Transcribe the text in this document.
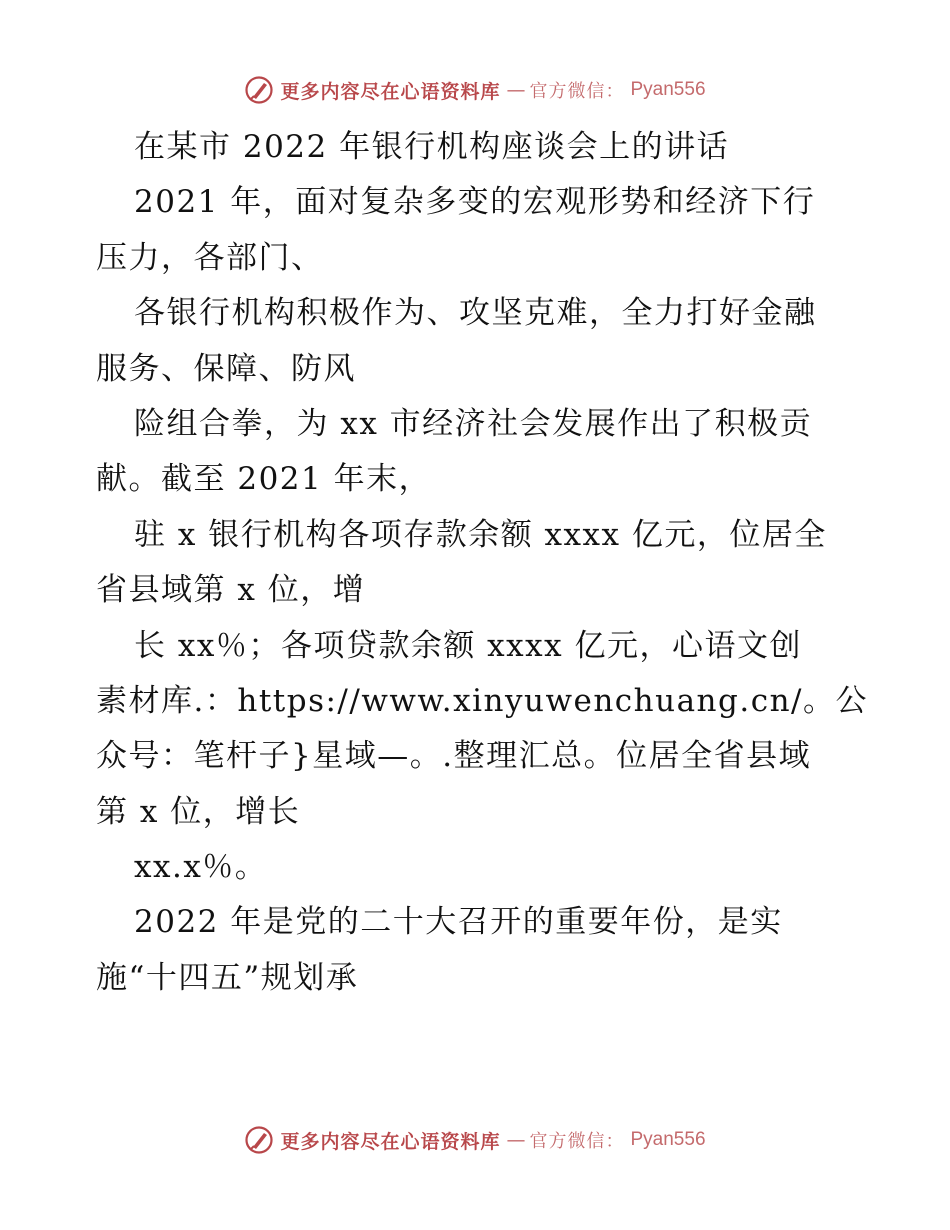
更多内容尽在心语资料库 — 官方微信： Pyan556
在某市 2022 年银行机构座谈会上的讲话
2021 年，面对复杂多变的宏观形势和经济下行
压力，各部门、
各银行机构积极作为、攻坚克难，全力打好金融
服务、保障、防风
险组合拳，为 xx 市经济社会发展作出了积极贡
献。截至 2021 年末，
驻 x 银行机构各项存款余额 xxxx 亿元，位居全
省县域第 x 位，增
长 xx％；各项贷款余额 xxxx 亿元，心语文创
素材库.：https://www.xinyuwenchuang.cn/。公
众号：笔杆子}星域—。.整理汇总。位居全省县域
第 x 位，增长
xx.x％。
2022 年是党的二十大召开的重要年份，是实
施“十四五”规划承
更多内容尽在心语资料库 — 官方微信： Pyan556
